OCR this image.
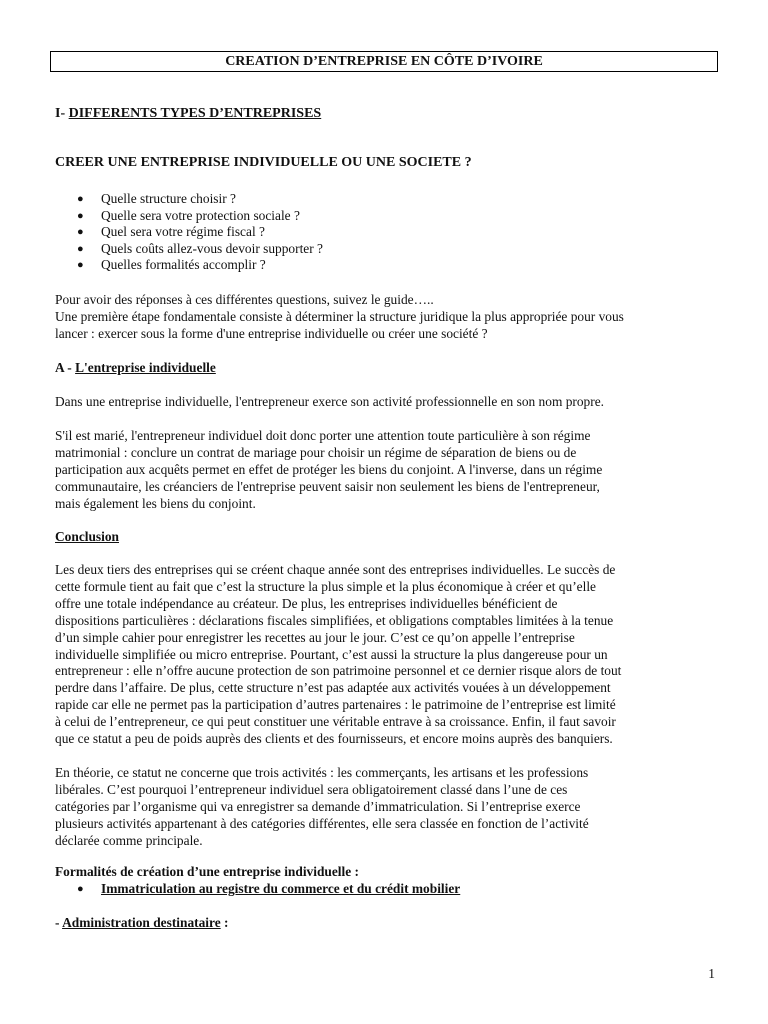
CREATION D’ENTREPRISE EN CÔTE D’IVOIRE

I- DIFFERENTS TYPES D’ENTREPRISES

CREER UNE ENTREPRISE INDIVIDUELLE OU UNE SOCIETE ?

● Quelle structure choisir ?
● Quelle sera votre protection sociale ?
● Quel sera votre régime fiscal ?
● Quels coûts allez-vous devoir supporter ?
● Quelles formalités accomplir ?

Pour avoir des réponses à ces différentes questions, suivez le guide…..
Une première étape fondamentale consiste à déterminer la structure juridique la plus appropriée pour vous
lancer : exercer sous la forme d'une entreprise individuelle ou créer une société ?

A - L'entreprise individuelle

Dans une entreprise individuelle, l'entrepreneur exerce son activité professionnelle en son nom propre.

S'il est marié, l'entrepreneur individuel doit donc porter une attention toute particulière à son régime
matrimonial : conclure un contrat de mariage pour choisir un régime de séparation de biens ou de
participation aux acquêts permet en effet de protéger les biens du conjoint. A l'inverse, dans un régime
communautaire, les créanciers de l'entreprise peuvent saisir non seulement les biens de l'entrepreneur,
mais également les biens du conjoint.

Conclusion

Les deux tiers des entreprises qui se créent chaque année sont des entreprises individuelles. Le succès de
cette formule tient au fait que c’est la structure la plus simple et la plus économique à créer et qu’elle
offre une totale indépendance au créateur. De plus, les entreprises individuelles bénéficient de
dispositions particulières : déclarations fiscales simplifiées, et obligations comptables limitées à la tenue
d’un simple cahier pour enregistrer les recettes au jour le jour. C’est ce qu’on appelle l’entreprise
individuelle simplifiée ou micro entreprise. Pourtant, c’est aussi la structure la plus dangereuse pour un
entrepreneur : elle n’offre aucune protection de son patrimoine personnel et ce dernier risque alors de tout
perdre dans l’affaire. De plus, cette structure n’est pas adaptée aux activités vouées à un développement
rapide car elle ne permet pas la participation d’autres partenaires : le patrimoine de l’entreprise est limité
à celui de l’entrepreneur, ce qui peut constituer une véritable entrave à sa croissance. Enfin, il faut savoir
que ce statut a peu de poids auprès des clients et des fournisseurs, et encore moins auprès des banquiers.

En théorie, ce statut ne concerne que trois activités : les commerçants, les artisans et les professions
libérales. C’est pourquoi l’entrepreneur individuel sera obligatoirement classé dans l’une de ces
catégories par l’organisme qui va enregistrer sa demande d’immatriculation. Si l’entreprise exerce
plusieurs activités appartenant à des catégories différentes, elle sera classée en fonction de l’activité
déclarée comme principale.

Formalités de création d’une entreprise individuelle :

● Immatriculation au registre du commerce et du crédit mobilier

- Administration destinataire :

1
